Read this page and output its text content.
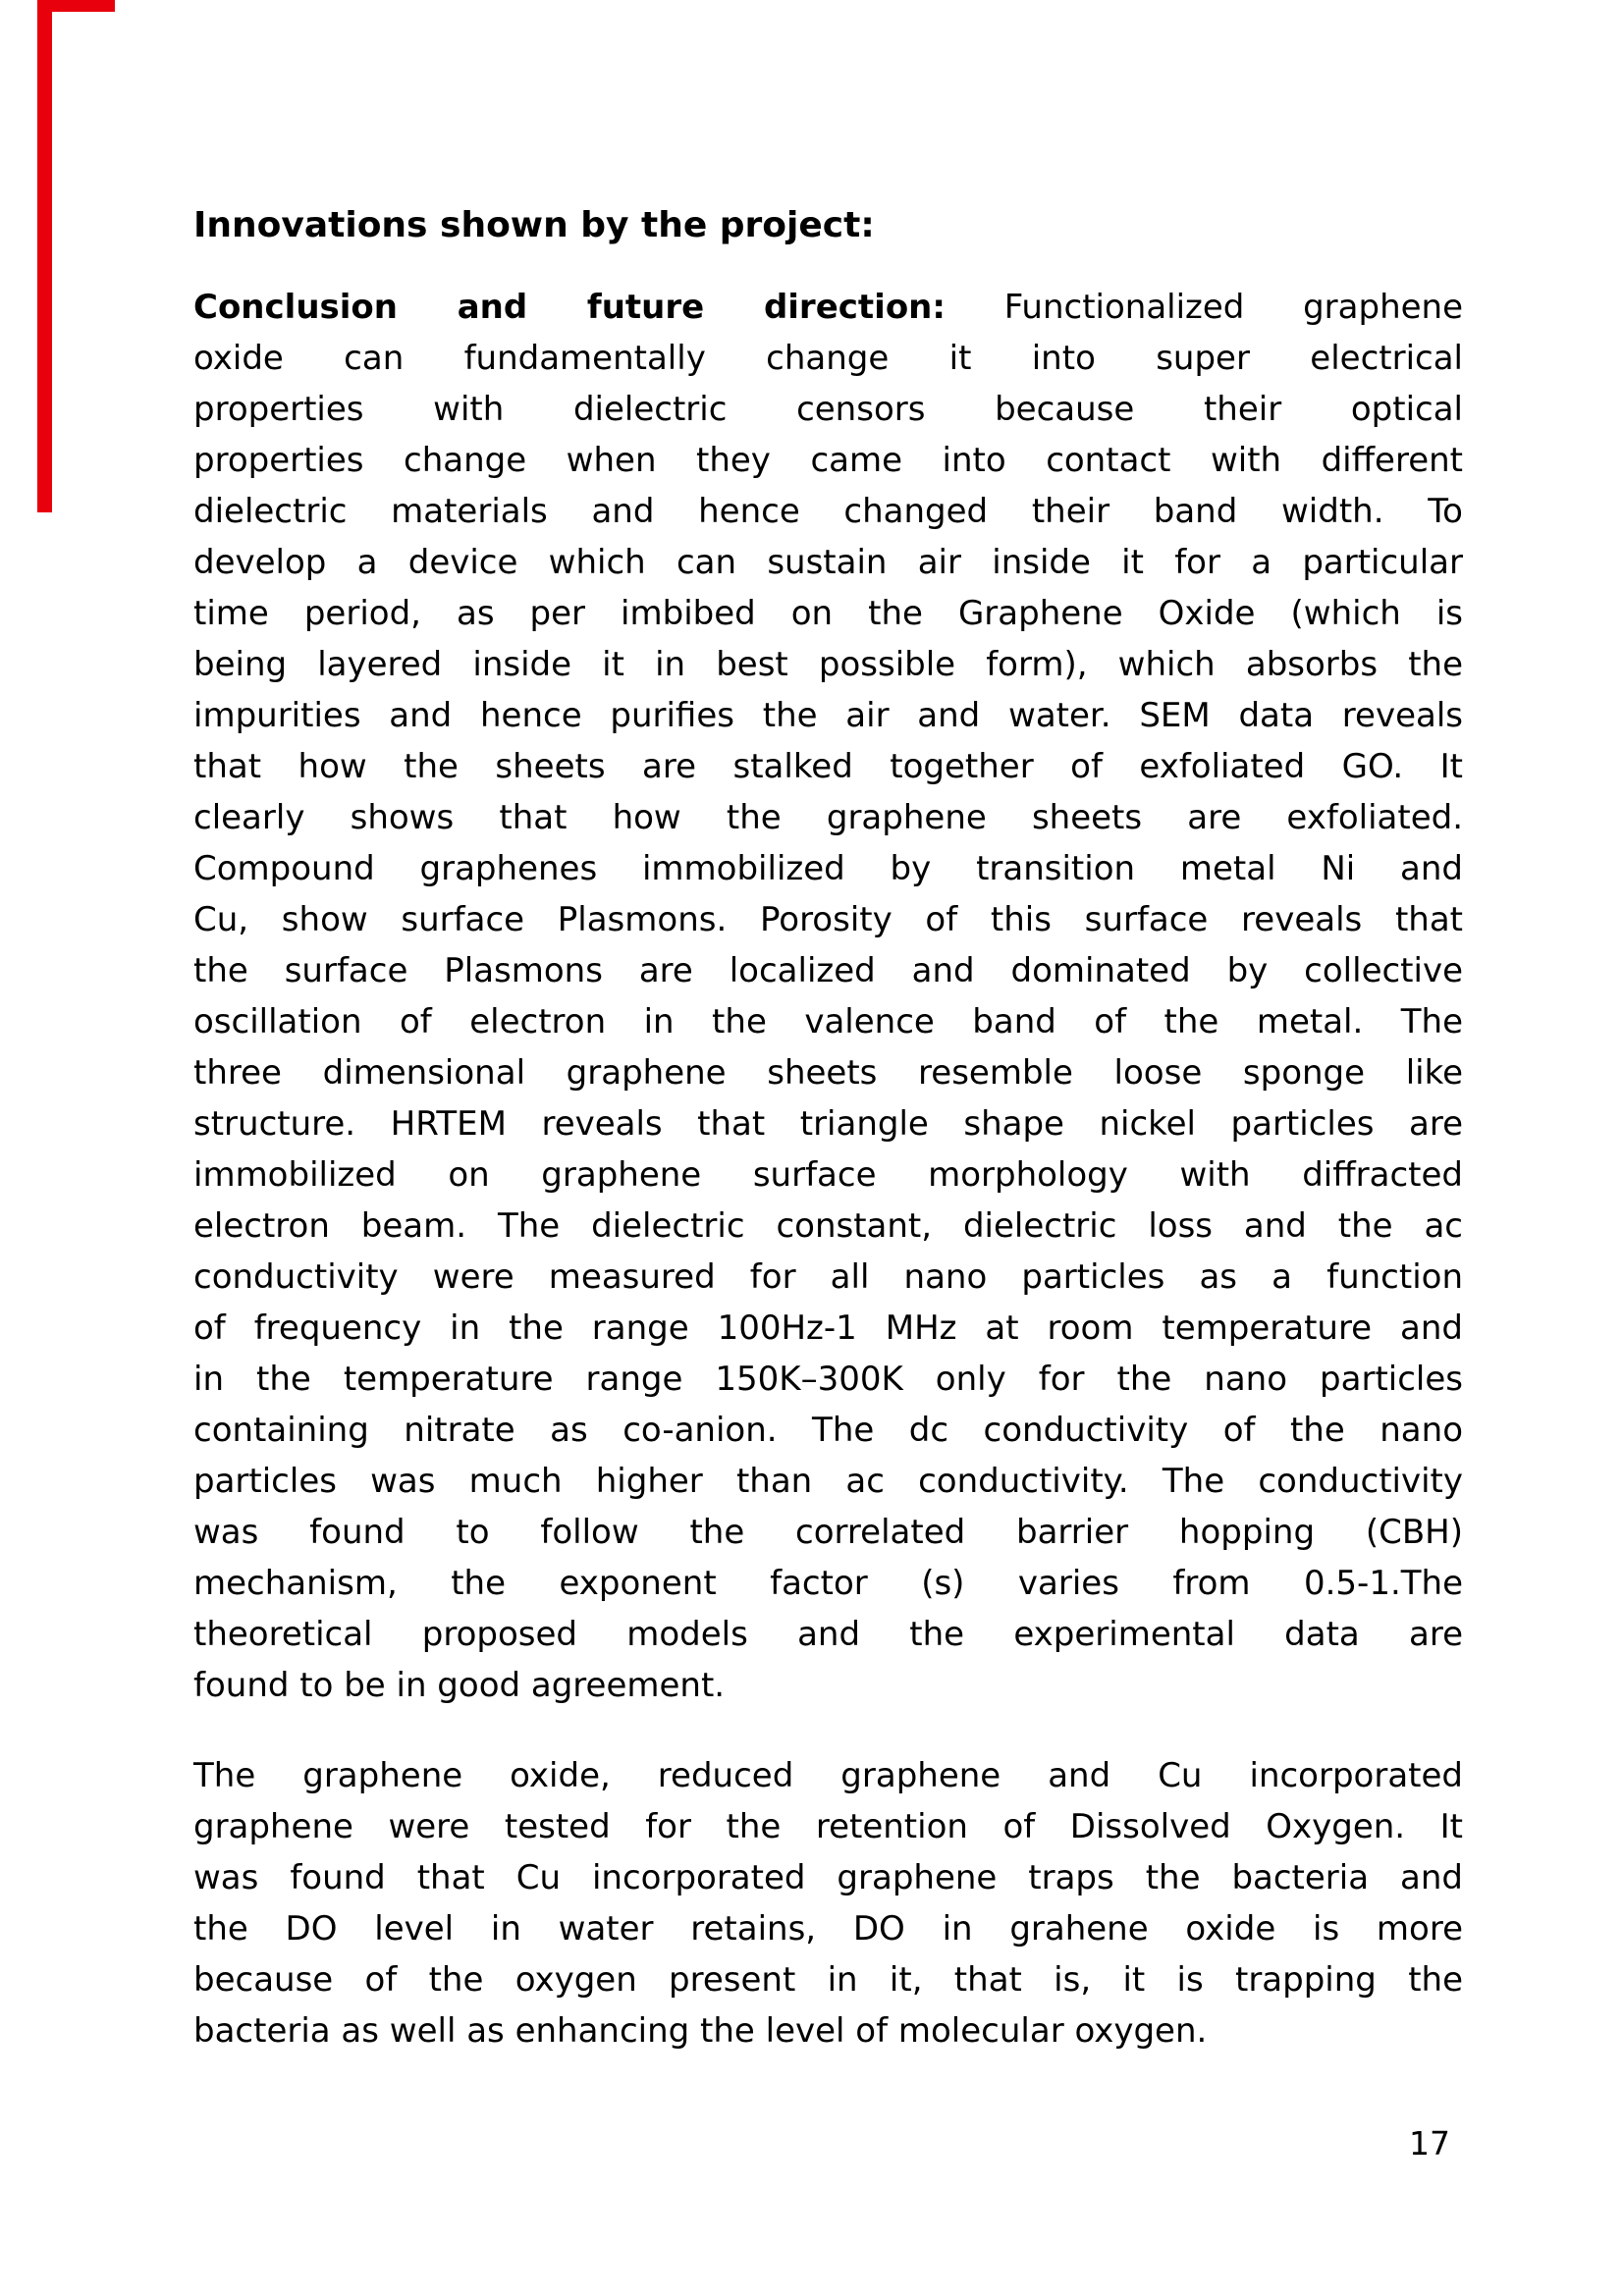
Innovations shown by the project:
Conclusion and future direction: Functionalized graphene
oxide can fundamentally change it into super electrical
properties with dielectric censors because their optical
properties change when they came into contact with different
dielectric materials and hence changed their band width. To
develop a device which can sustain air inside it for a particular
time period, as per imbibed on the Graphene Oxide (which is
being layered inside it in best possible form), which absorbs the
impurities and hence purifies the air and water. SEM data reveals
that how the sheets are stalked together of exfoliated GO. It
clearly shows that how the graphene sheets are exfoliated.
Compound graphenes immobilized by transition metal Ni and
Cu, show surface Plasmons. Porosity of this surface reveals that
the surface Plasmons are localized and dominated by collective
oscillation of electron in the valence band of the metal. The
three dimensional graphene sheets resemble loose sponge like
structure. HRTEM reveals that triangle shape nickel particles are
immobilized on graphene surface morphology with diffracted
electron beam. The dielectric constant, dielectric loss and the ac
conductivity were measured for all nano particles as a function
of frequency in the range 100Hz-1 MHz at room temperature and
in the temperature range 150K–300K only for the nano particles
containing nitrate as co-anion. The dc conductivity of the nano
particles was much higher than ac conductivity. The conductivity
was found to follow the correlated barrier hopping (CBH)
mechanism, the exponent factor (s) varies from 0.5-1.The
theoretical proposed models and the experimental data are
found to be in good agreement.
The graphene oxide, reduced graphene and Cu incorporated
graphene were tested for the retention of Dissolved Oxygen. It
was found that Cu incorporated graphene traps the bacteria and
the DO level in water retains, DO in grahene oxide is more
because of the oxygen present in it, that is, it is trapping the
bacteria as well as enhancing the level of molecular oxygen.
17
